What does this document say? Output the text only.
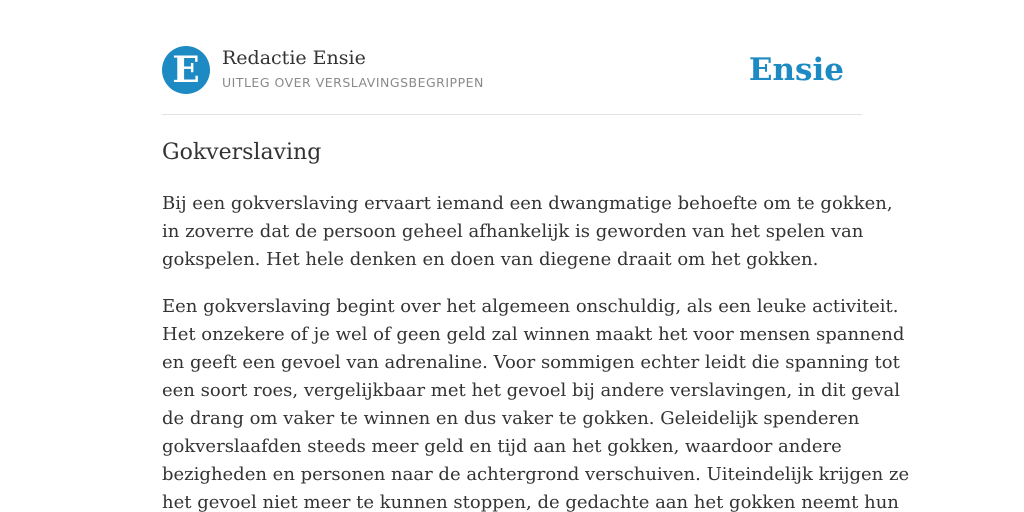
E	Redactie Ensie
UITLEG OVER VERSLAVINGSBEGRIPPEN	Ensie
Gokverslaving

Bij een gokverslaving ervaart iemand een dwangmatige behoefte om te gokken,
in zoverre dat de persoon geheel afhankelijk is geworden van het spelen van
gokspelen. Het hele denken en doen van diegene draait om het gokken.

Een gokverslaving begint over het algemeen onschuldig, als een leuke activiteit.
Het onzekere of je wel of geen geld zal winnen maakt het voor mensen spannend
en geeft een gevoel van adrenaline. Voor sommigen echter leidt die spanning tot
een soort roes, vergelijkbaar met het gevoel bij andere verslavingen, in dit geval
de drang om vaker te winnen en dus vaker te gokken. Geleidelijk spenderen
gokverslaafden steeds meer geld en tijd aan het gokken, waardoor andere
bezigheden en personen naar de achtergrond verschuiven. Uiteindelijk krijgen ze
het gevoel niet meer te kunnen stoppen, de gedachte aan het gokken neemt hun
